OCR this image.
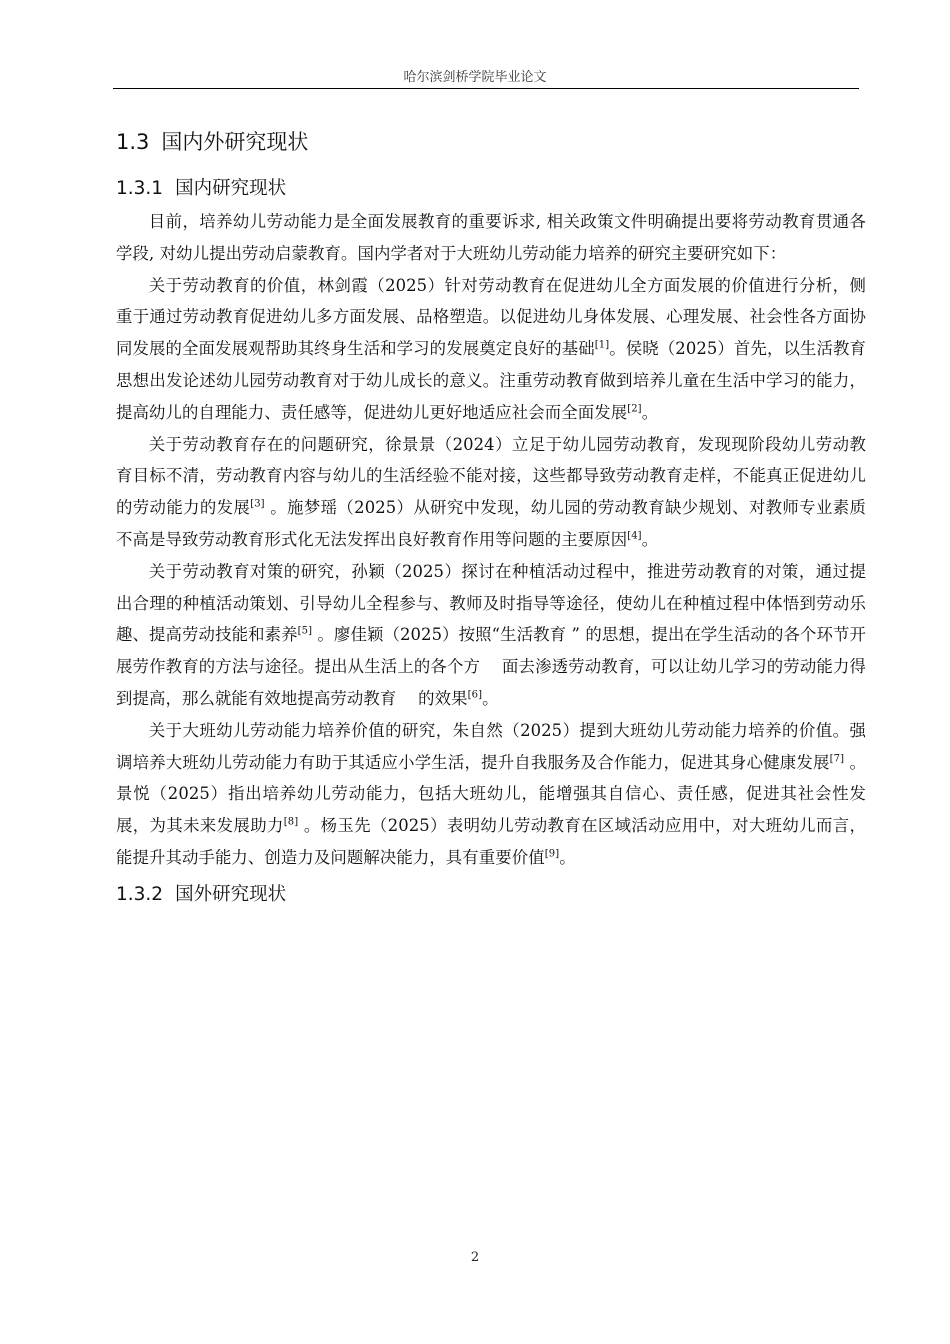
哈尔滨剑桥学院毕业论文
1.3 国内外研究现状
1.3.1 国内研究现状

目前，培养幼儿劳动能力是全面发展教育的重要诉求, 相关政策文件明确提出要将劳动教育贯通各学段, 对幼儿提出劳动启蒙教育。国内学者对于大班幼儿劳动能力培养的研究主要研究如下：

关于劳动教育的价值，林剑霞（2025）针对劳动教育在促进幼儿全方面发展的价值进行分析，侧重于通过劳动教育促进幼儿多方面发展、品格塑造。以促进幼儿身体发展、心理发展、社会性各方面协同发展的全面发展观帮助其终身生活和学习的发展奠定良好的基础[1]。侯晓（2025）首先，以生活教育思想出发论述幼儿园劳动教育对于幼儿成长的意义。注重劳动教育做到培养儿童在生活中学习的能力，提高幼儿的自理能力、责任感等，促进幼儿更好地适应社会而全面发展[2]。

关于劳动教育存在的问题研究，徐景景（2024）立足于幼儿园劳动教育，发现现阶段幼儿劳动教育目标不清，劳动教育内容与幼儿的生活经验不能对接，这些都导致劳动教育走样，不能真正促进幼儿的劳动能力的发展[3] 。施梦瑶（2025）从研究中发现，幼儿园的劳动教育缺少规划、对教师专业素质不高是导致劳动教育形式化无法发挥出良好教育作用等问题的主要原因[4]。

关于劳动教育对策的研究，孙颖（2025）探讨在种植活动过程中，推进劳动教育的对策，通过提出合理的种植活动策划、引导幼儿全程参与、教师及时指导等途径，使幼儿在种植过程中体悟到劳动乐趣、提高劳动技能和素养[5] 。廖佳颖（2025）按照“生活教育 ” 的思想，提出在学生活动的各个环节开展劳作教育的方法与途径。提出从生活上的各个方　 面去渗透劳动教育，可以让幼儿学习的劳动能力得到提高，那么就能有效地提高劳动教育　 的效果[6]。

关于大班幼儿劳动能力培养价值的研究，朱自然（2025）提到大班幼儿劳动能力培养的价值。强调培养大班幼儿劳动能力有助于其适应小学生活，提升自我服务及合作能力，促进其身心健康发展[7] 。景悦（2025）指出培养幼儿劳动能力，包括大班幼儿，能增强其自信心、责任感，促进其社会性发展，为其未来发展助力[8] 。杨玉先（2025）表明幼儿劳动教育在区域活动应用中，对大班幼儿而言，能提升其动手能力、创造力及问题解决能力，具有重要价值[9]。

1.3.2 国外研究现状
2
